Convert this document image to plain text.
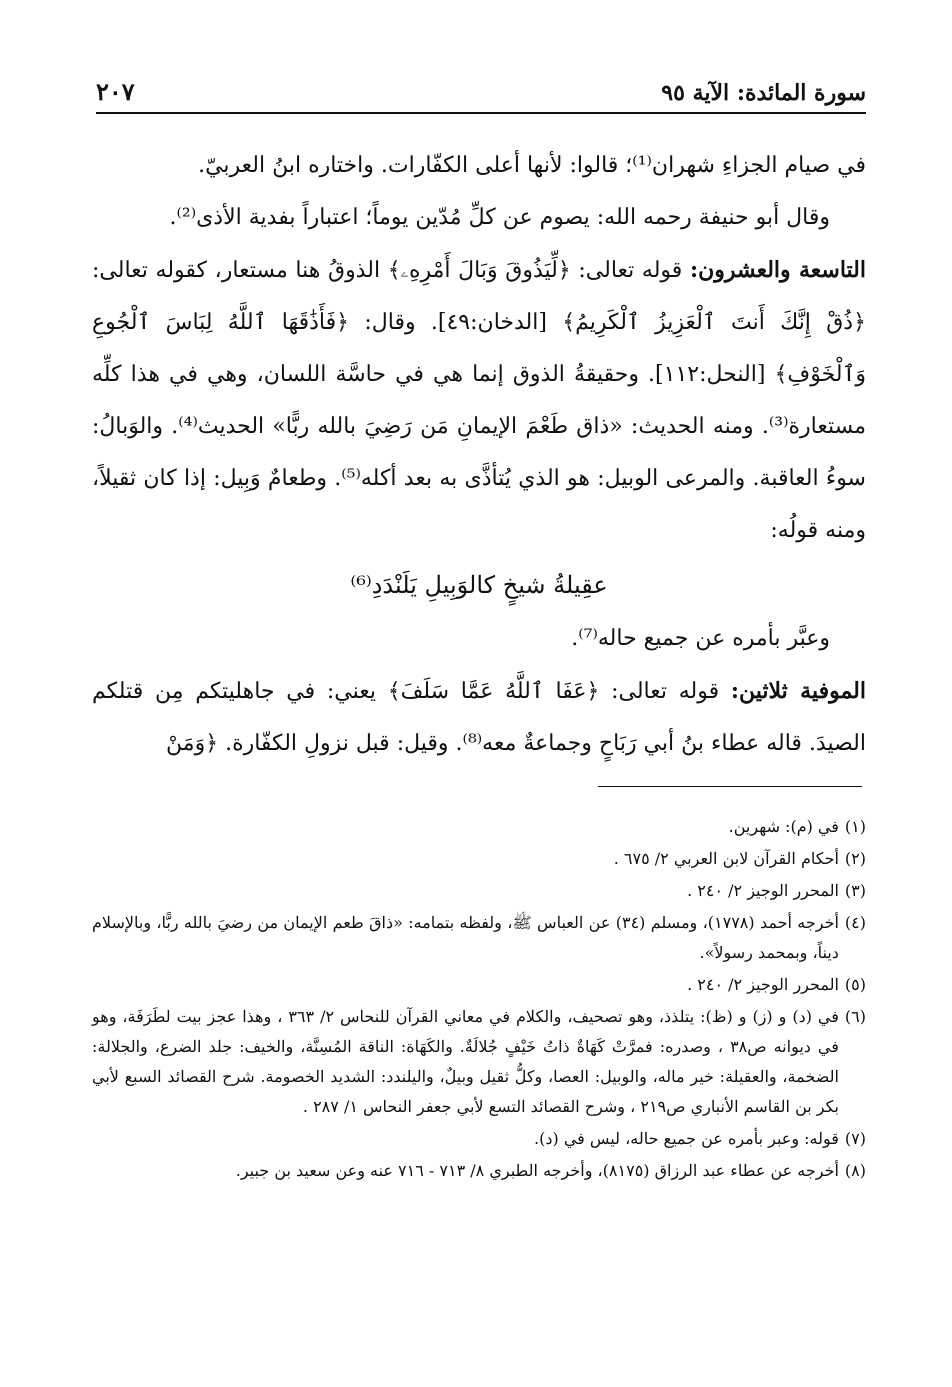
سورة المائدة: الآية ٩٥
٢٠٧

في صيام الجزاءِ شهران⁽¹⁾؛ قالوا: لأنها أعلى الكفّارات. واختاره ابنُ العربيّ.

وقال أبو حنيفة رحمه الله: يصوم عن كلِّ مُدّين يوماً؛ اعتباراً بفدية الأذى⁽²⁾.

التاسعة والعشرون: قوله تعالى: ﴿لِّيَذُوقَ وَبَالَ أَمْرِهِۦ﴾ الذوقُ هنا مستعار، كقوله تعالى: ﴿ذُقْ إِنَّكَ أَنتَ ٱلْعَزِيزُ ٱلْكَرِيمُ﴾ [الدخان:٤٩]. وقال: ﴿فَأَذَٰقَهَا ٱللَّهُ لِبَاسَ ٱلْجُوعِ وَٱلْخَوْفِ﴾ [النحل:١١٢]. وحقيقةُ الذوق إنما هي في حاسَّة اللسان، وهي في هذا كلِّه مستعارة⁽³⁾. ومنه الحديث: «ذاق طَعْمَ الإيمانِ مَن رَضِيَ بالله ربًّا» الحديث⁽⁴⁾. والوَبالُ: سوءُ العاقبة. والمرعى الوبيل: هو الذي يُتأذَّى به بعد أكله⁽⁵⁾. وطعامٌ وَبِيل: إذا كان ثقيلاً، ومنه قولُه:

عقِيلةُ شيخٍ كالوَبِيلِ يَلَنْدَدِ⁽⁶⁾

وعبَّر بأمره عن جميع حاله⁽⁷⁾.

الموفية ثلاثين: قوله تعالى: ﴿عَفَا ٱللَّهُ عَمَّا سَلَفَ﴾ يعني: في جاهليتكم مِن قتلكم الصيدَ. قاله عطاء بنُ أبي رَبَاحٍ وجماعةٌ معه⁽⁸⁾. وقيل: قبل نزولِ الكفّارة. ﴿وَمَنْ

(١)
في (م): شهرين.
(٢)
أحكام القرآن لابن العربي ٢/ ٦٧٥ .
(٣)
المحرر الوجيز ٢/ ٢٤٠ .
(٤)
أخرجه أحمد (١٧٧٨)، ومسلم (٣٤) عن العباس ﷺ، ولفظه بتمامه: «ذاقَ طعم الإيمان من رضيَ بالله ربًّا، وبالإسلام ديناً، وبمحمد رسولاً».
(٥)
المحرر الوجيز ٢/ ٢٤٠ .
(٦)
في (د) و (ز) و (ظ): يتلذذ، وهو تصحيف، والكلام في معاني القرآن للنحاس ٢/ ٣٦٣ ، وهذا عجز بيت لطَرَفَة، وهو في ديوانه ص٣٨ ، وصدره: فمرَّتْ كَهَاةٌ ذاتُ خَيْفٍ جُلالَةٌ. والكَهَاة: الناقة المُسِنَّة، والخيف: جلد الضرع، والجلالة: الضخمة، والعقيلة: خير ماله، والوبيل: العصا، وكلُّ ثقيل وبيلٌ، واليلندد: الشديد الخصومة. شرح القصائد السبع لأبي بكر بن القاسم الأنباري ص٢١٩ ، وشرح القصائد التسع لأبي جعفر النحاس ١/ ٢٨٧ .
(٧)
قوله: وعبر بأمره عن جميع حاله، ليس في (د).
(٨)
أخرجه عن عطاء عبد الرزاق (٨١٧٥)، وأخرجه الطبري ٨/ ٧١٣ - ٧١٦ عنه وعن سعيد بن جبير.
